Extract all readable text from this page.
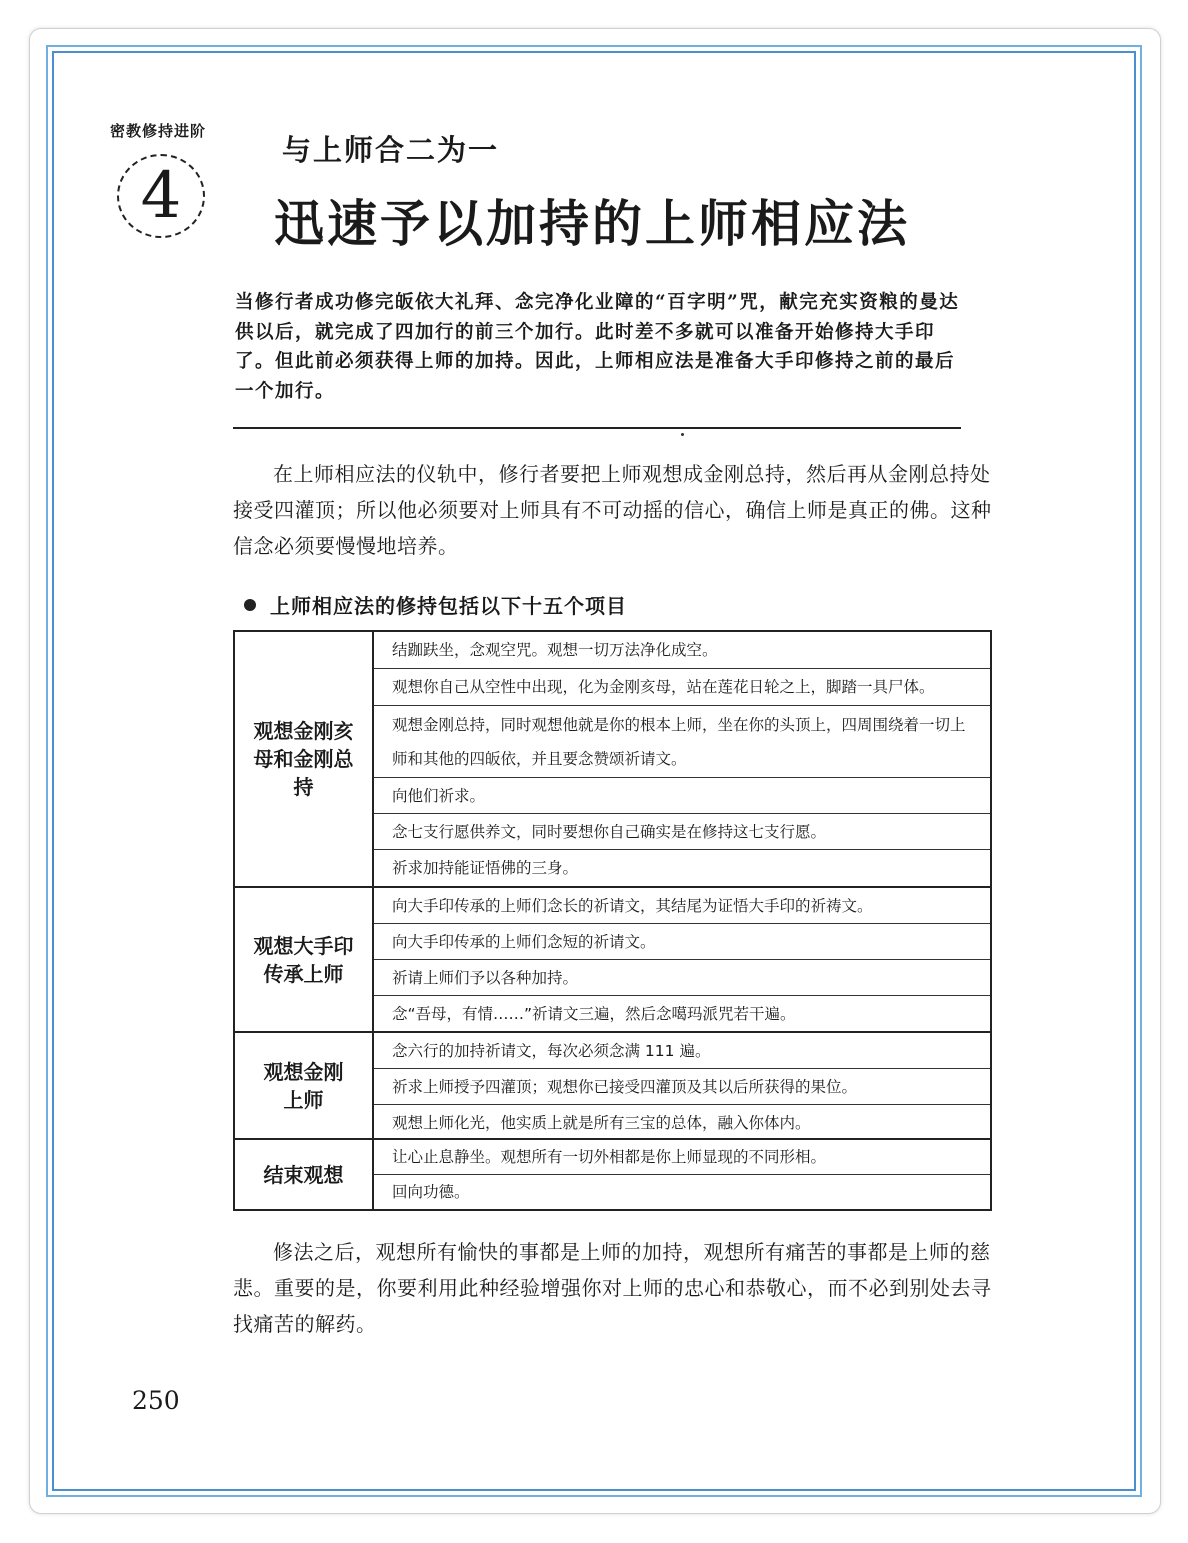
密教修持进阶
4
与上师合二为一
迅速予以加持的上师相应法
当修行者成功修完皈依大礼拜、念完净化业障的“百字明”咒，献完充实资粮的曼达供以后，就完成了四加行的前三个加行。此时差不多就可以准备开始修持大手印了。但此前必须获得上师的加持。因此，上师相应法是准备大手印修持之前的最后一个加行。
在上师相应法的仪轨中，修行者要把上师观想成金刚总持，然后再从金刚总持处接受四灌顶；所以他必须要对上师具有不可动摇的信心，确信上师是真正的佛。这种信念必须要慢慢地培养。
上师相应法的修持包括以下十五个项目
观想金刚亥母和金刚总持
结跏趺坐，念观空咒。观想一切万法净化成空。
观想你自己从空性中出现，化为金刚亥母，站在莲花日轮之上，脚踏一具尸体。
观想金刚总持，同时观想他就是你的根本上师，坐在你的头顶上，四周围绕着一切上师和其他的四皈依，并且要念赞颂祈请文。
向他们祈求。
念七支行愿供养文，同时要想你自己确实是在修持这七支行愿。
祈求加持能证悟佛的三身。
观想大手印传承上师
向大手印传承的上师们念长的祈请文，其结尾为证悟大手印的祈祷文。
向大手印传承的上师们念短的祈请文。
祈请上师们予以各种加持。
念“吾母，有情……”祈请文三遍，然后念噶玛派咒若干遍。
观想金刚上师
念六行的加持祈请文，每次必须念满 111 遍。
祈求上师授予四灌顶；观想你已接受四灌顶及其以后所获得的果位。
观想上师化光，他实质上就是所有三宝的总体，融入你体内。
结束观想
让心止息静坐。观想所有一切外相都是你上师显现的不同形相。
回向功德。
修法之后，观想所有愉快的事都是上师的加持，观想所有痛苦的事都是上师的慈悲。重要的是，你要利用此种经验增强你对上师的忠心和恭敬心，而不必到别处去寻找痛苦的解药。
250
